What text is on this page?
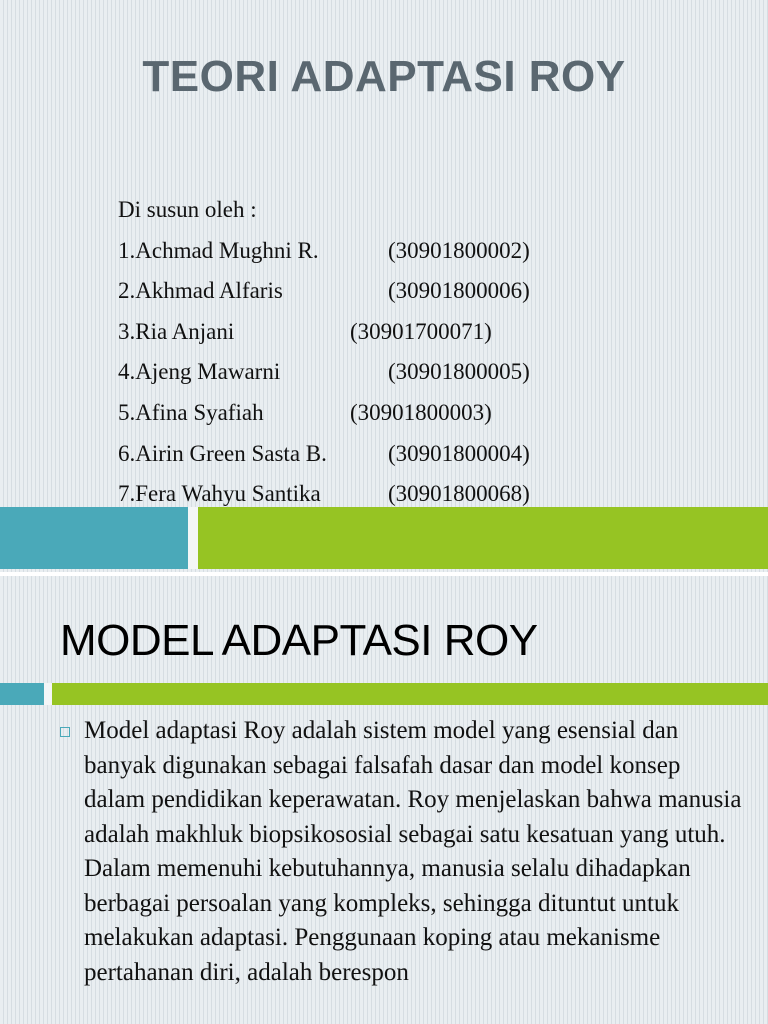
TEORI ADAPTASI ROY
Di susun oleh :
1.Achmad Mughni R.	(30901800002)
2.Akhmad Alfaris	(30901800006)
3.Ria Anjani	(30901700071)
4.Ajeng Mawarni	(30901800005)
5.Afina Syafiah	(30901800003)
6.Airin Green Sasta B.	(30901800004)
7.Fera Wahyu Santika	(30901800068)
MODEL ADAPTASI ROY
Model adaptasi Roy adalah sistem model yang esensial dan banyak digunakan sebagai falsafah dasar dan model konsep dalam pendidikan keperawatan. Roy menjelaskan bahwa manusia adalah makhluk biopsikososial sebagai satu kesatuan yang utuh. Dalam memenuhi kebutuhannya, manusia selalu dihadapkan berbagai persoalan yang kompleks, sehingga dituntut untuk melakukan adaptasi. Penggunaan koping atau mekanisme pertahanan diri, adalah berespon
